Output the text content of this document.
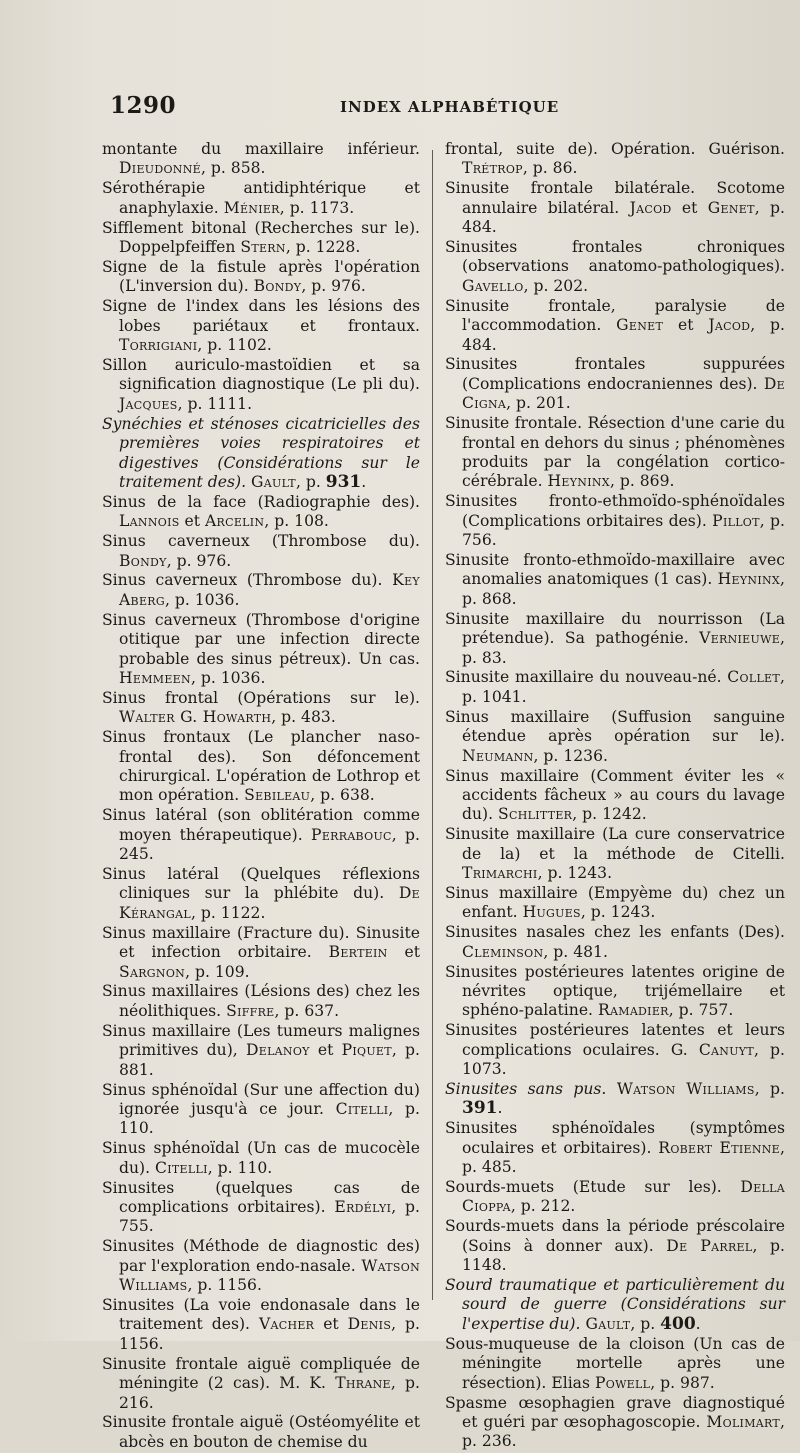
1290	INDEX ALPHABÉTIQUE

montante du maxillaire inférieur. Dieudonné, p. 858.

Sérothérapie antidiphtérique et anaphylaxie. Ménier, p. 1173.

Sifflement bitonal (Recherches sur le). Doppelpfeiffen Stern, p. 1228.

Signe de la fistule après l'opération (L'inversion du). Bondy, p. 976.

Signe de l'index dans les lésions des lobes pariétaux et frontaux. Torrigiani, p. 1102.

Sillon auriculo-mastoïdien et sa signification diagnostique (Le pli du). Jacques, p. 1111.

Synéchies et sténoses cicatricielles des premières voies respiratoires et digestives (Considérations sur le traitement des). Gault, p. 931.

Sinus de la face (Radiographie des). Lannois et Arcelin, p. 108.

Sinus caverneux (Thrombose du). Bondy, p. 976.

Sinus caverneux (Thrombose du). Key Aberg, p. 1036.

Sinus caverneux (Thrombose d'origine otitique par une infection directe probable des sinus pétreux). Un cas. Hemmeen, p. 1036.

Sinus frontal (Opérations sur le). Walter G. Howarth, p. 483.

Sinus frontaux (Le plancher naso-frontal des). Son défoncement chirurgical. L'opération de Lothrop et mon opération. Sebileau, p. 638.

Sinus latéral (son oblitération comme moyen thérapeutique). Perrabouc, p. 245.

Sinus latéral (Quelques réflexions cliniques sur la phlébite du). De Kérangal, p. 1122.

Sinus maxillaire (Fracture du). Sinusite et infection orbitaire. Bertein et Sargnon, p. 109.

Sinus maxillaires (Lésions des) chez les néolithiques. Siffre, p. 637.

Sinus maxillaire (Les tumeurs malignes primitives du), Delanoy et Piquet, p. 881.

Sinus sphénoïdal (Sur une affection du) ignorée jusqu'à ce jour. Citelli, p. 110.

Sinus sphénoïdal (Un cas de mucocèle du). Citelli, p. 110.

Sinusites (quelques cas de complications orbitaires). Erdélyi, p. 755.

Sinusites (Méthode de diagnostic des) par l'exploration endo-nasale. Watson Williams, p. 1156.

Sinusites (La voie endonasale dans le traitement des). Vacher et Denis, p. 1156.

Sinusite frontale aiguë compliquée de méningite (2 cas). M. K. Thrane, p. 216.

Sinusite frontale aiguë (Ostéomyélite et abcès en bouton de chemise du

frontal, suite de). Opération. Guérison. Trétrop, p. 86.

Sinusite frontale bilatérale. Scotome annulaire bilatéral. Jacod et Genet, p. 484.

Sinusites frontales chroniques (observations anatomo-pathologiques). Gavello, p. 202.

Sinusite frontale, paralysie de l'accommodation. Genet et Jacod, p. 484.

Sinusites frontales suppurées (Complications endocraniennes des). De Cigna, p. 201.

Sinusite frontale. Résection d'une carie du frontal en dehors du sinus ; phénomènes produits par la congélation cortico-cérébrale. Heyninx, p. 869.

Sinusites fronto-ethmoïdo-sphénoïdales (Complications orbitaires des). Pillot, p. 756.

Sinusite fronto-ethmoïdo-maxillaire avec anomalies anatomiques (1 cas). Heyninx, p. 868.

Sinusite maxillaire du nourrisson (La prétendue). Sa pathogénie. Vernieuwe, p. 83.

Sinusite maxillaire du nouveau-né. Collet, p. 1041.

Sinus maxillaire (Suffusion sanguine étendue après opération sur le). Neumann, p. 1236.

Sinus maxillaire (Comment éviter les « accidents fâcheux » au cours du lavage du). Schlitter, p. 1242.

Sinusite maxillaire (La cure conservatrice de la) et la méthode de Citelli. Trimarchi, p. 1243.

Sinus maxillaire (Empyème du) chez un enfant. Hugues, p. 1243.

Sinusites nasales chez les enfants (Des). Cleminson, p. 481.

Sinusites postérieures latentes origine de névrites optique, trijémellaire et sphéno-palatine. Ramadier, p. 757.

Sinusites postérieures latentes et leurs complications oculaires. G. Canuyt, p. 1073.

Sinusites sans pus. Watson Williams, p. 391.

Sinusites sphénoïdales (symptômes oculaires et orbitaires). Robert Etienne, p. 485.

Sourds-muets (Etude sur les). Della Cioppa, p. 212.

Sourds-muets dans la période préscolaire (Soins à donner aux). De Parrel, p. 1148.

Sourd traumatique et particulièrement du sourd de guerre (Considérations sur l'expertise du). Gault, p. 400.

Sous-muqueuse de la cloison (Un cas de méningite mortelle après une résection). Elias Powell, p. 987.

Spasme œsophagien grave diagnostiqué et guéri par œsophagoscopie. Molimart, p. 236.
